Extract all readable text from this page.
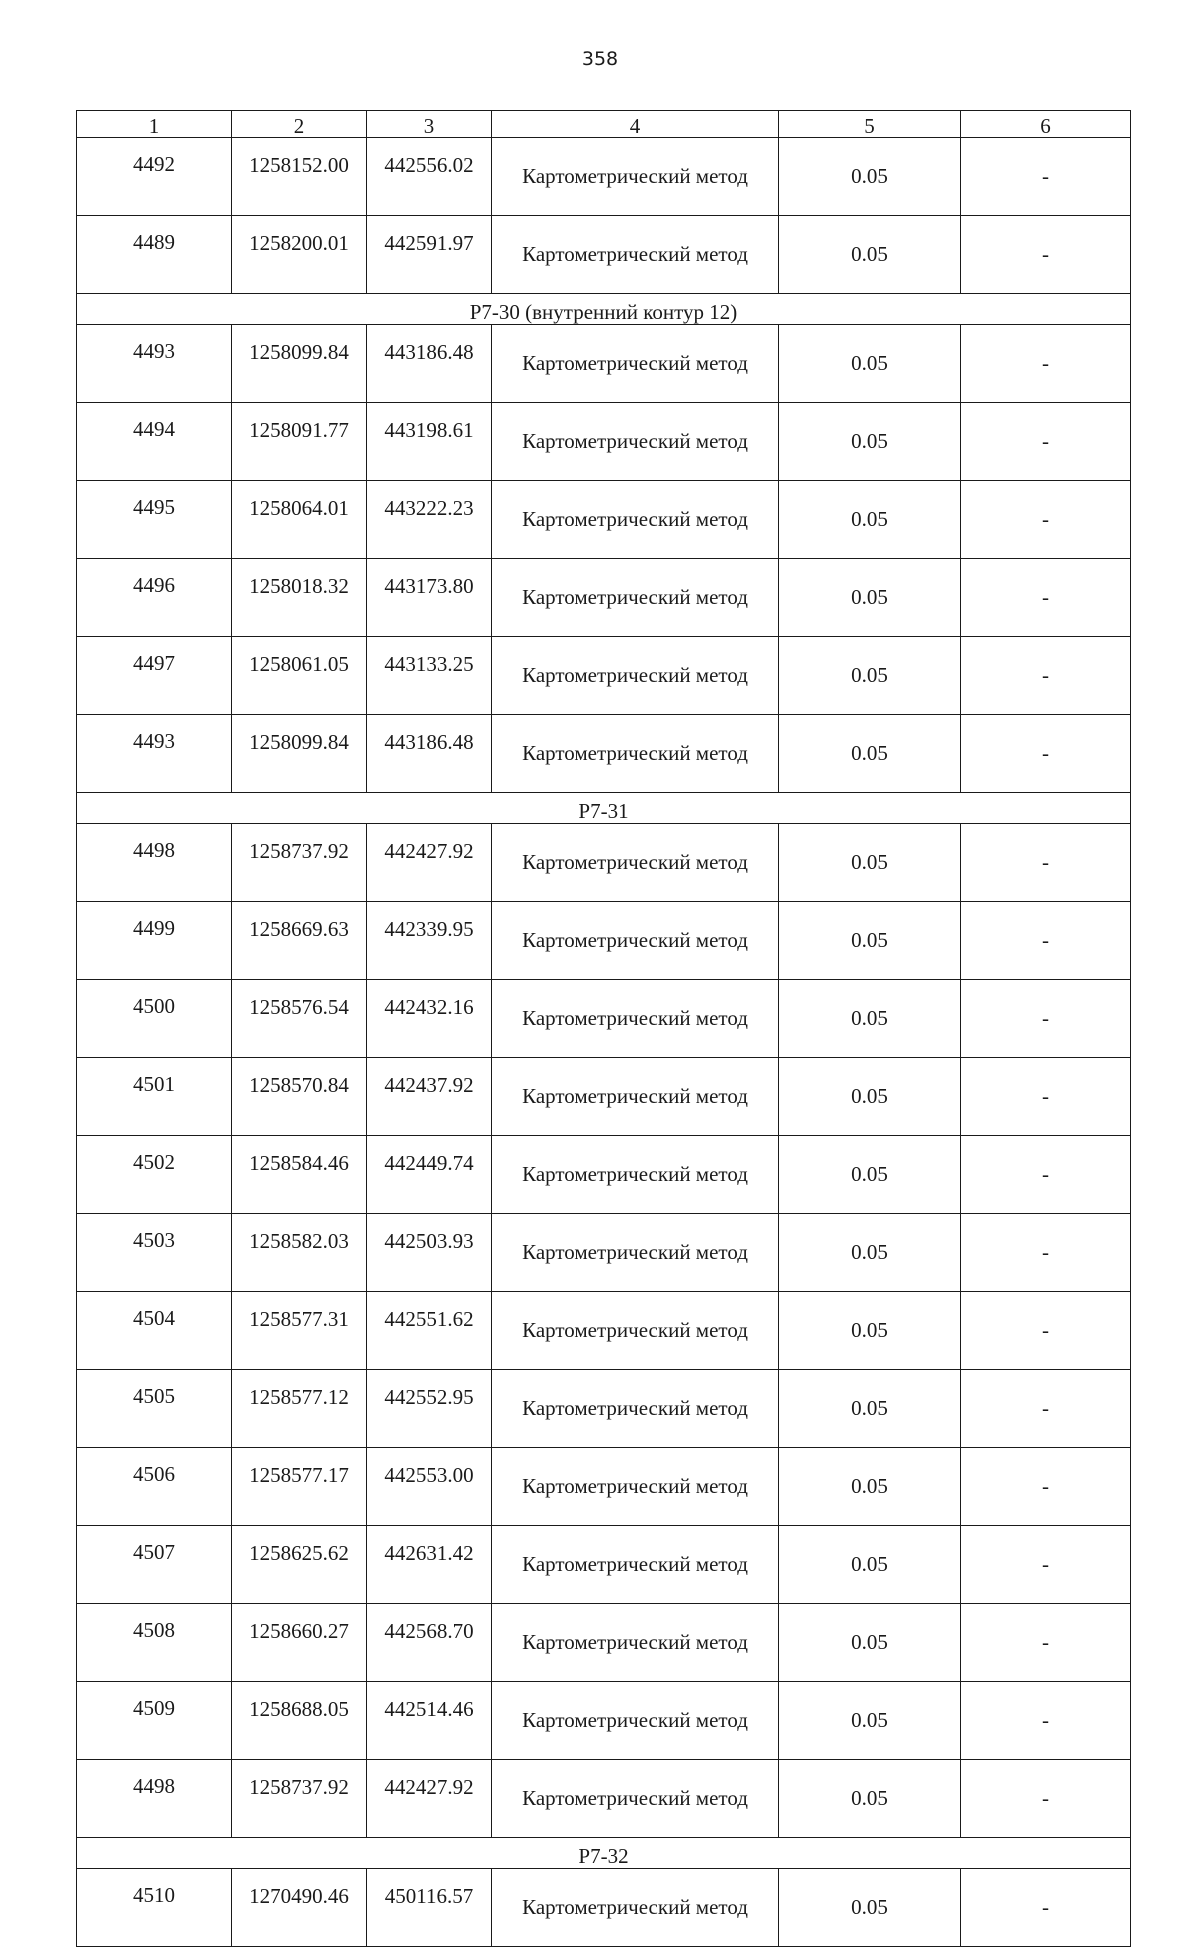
358
1	2	3	4	5	6
4492	1258152.00	442556.02	Картометрический метод	0.05	-
4489	1258200.01	442591.97	Картометрический метод	0.05	-
Р7-30 (внутренний контур 12)					
4493	1258099.84	443186.48	Картометрический метод	0.05	-
4494	1258091.77	443198.61	Картометрический метод	0.05	-
4495	1258064.01	443222.23	Картометрический метод	0.05	-
4496	1258018.32	443173.80	Картометрический метод	0.05	-
4497	1258061.05	443133.25	Картометрический метод	0.05	-
4493	1258099.84	443186.48	Картометрический метод	0.05	-
Р7-31					
4498	1258737.92	442427.92	Картометрический метод	0.05	-
4499	1258669.63	442339.95	Картометрический метод	0.05	-
4500	1258576.54	442432.16	Картометрический метод	0.05	-
4501	1258570.84	442437.92	Картометрический метод	0.05	-
4502	1258584.46	442449.74	Картометрический метод	0.05	-
4503	1258582.03	442503.93	Картометрический метод	0.05	-
4504	1258577.31	442551.62	Картометрический метод	0.05	-
4505	1258577.12	442552.95	Картометрический метод	0.05	-
4506	1258577.17	442553.00	Картометрический метод	0.05	-
4507	1258625.62	442631.42	Картометрический метод	0.05	-
4508	1258660.27	442568.70	Картометрический метод	0.05	-
4509	1258688.05	442514.46	Картометрический метод	0.05	-
4498	1258737.92	442427.92	Картометрический метод	0.05	-
Р7-32					
4510	1270490.46	450116.57	Картометрический метод	0.05	-
